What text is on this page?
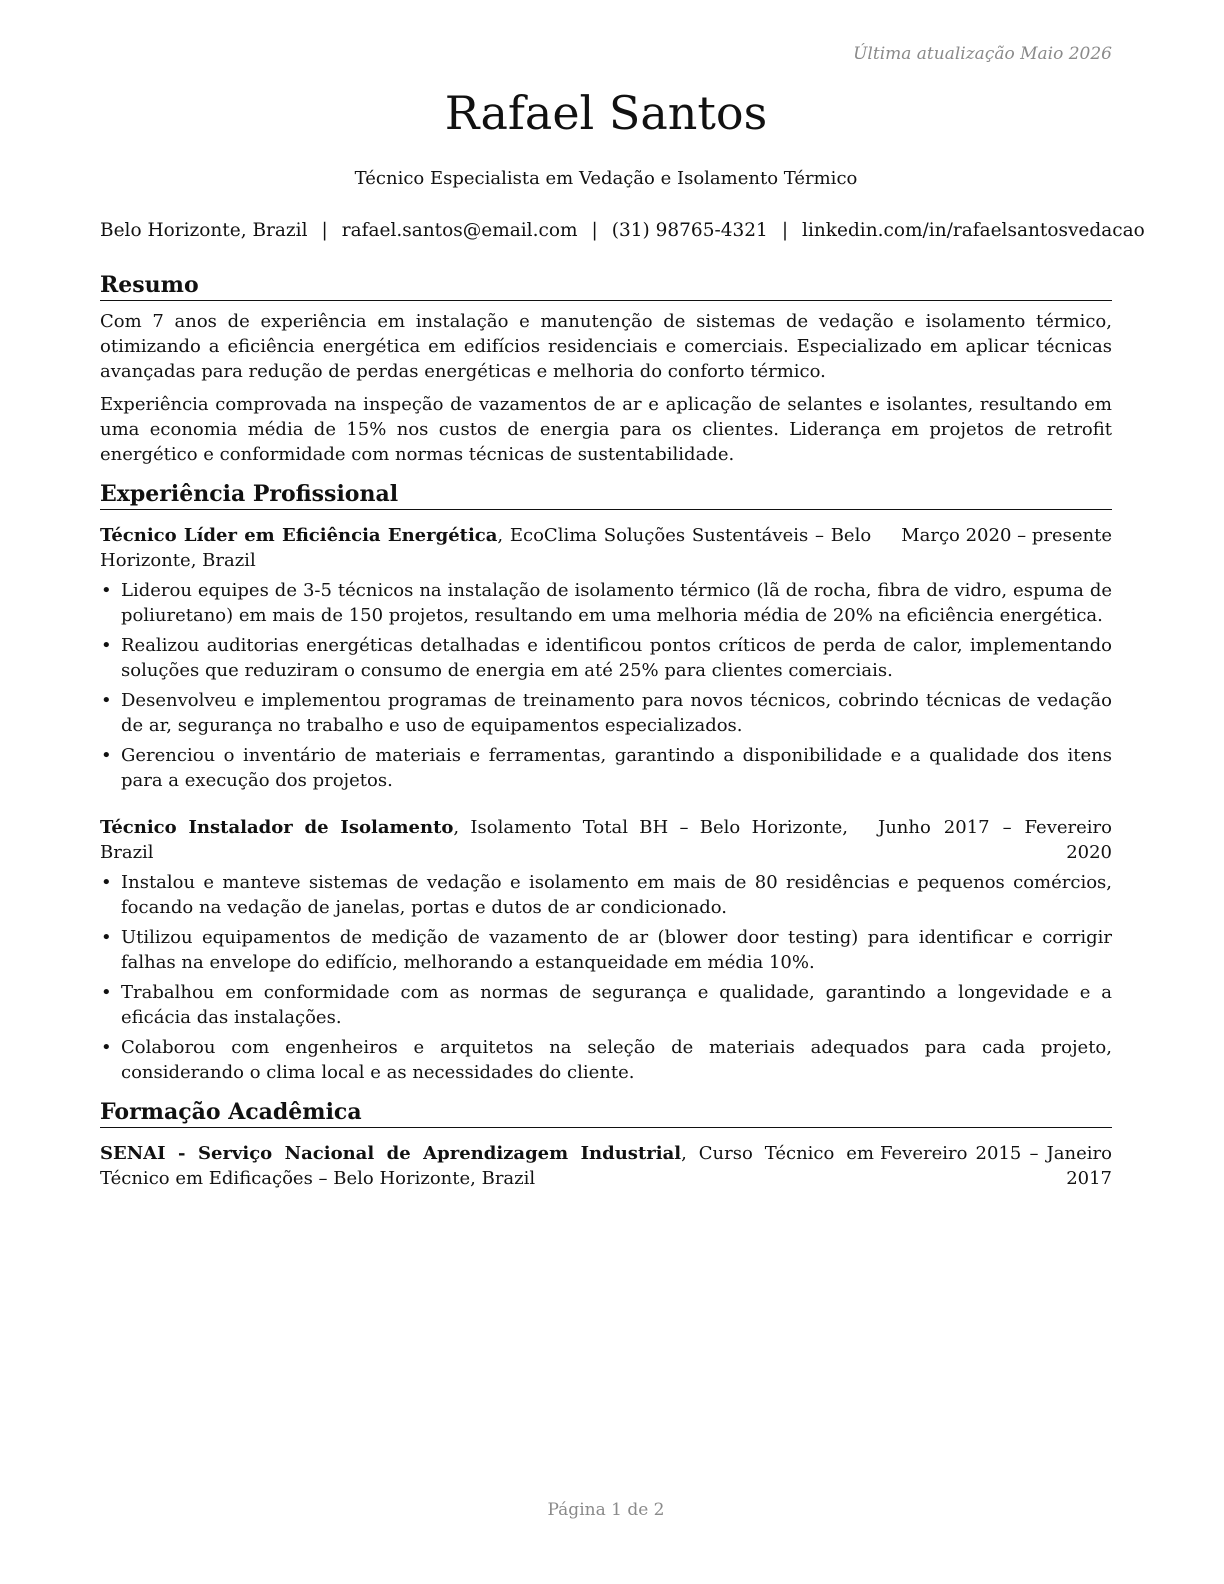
Última atualização Maio 2026
Rafael Santos
Técnico Especialista em Vedação e Isolamento Térmico
Belo Horizonte, Brazil | rafael.santos@email.com | (31) 98765-4321 | linkedin.com/in/rafaelsantosvedacao
Resumo

Com 7 anos de experiência em instalação e manutenção de sistemas de vedação e isolamento térmico, otimizando a eficiência energética em edifícios residenciais e comerciais. Especializado em aplicar técnicas avançadas para redução de perdas energéticas e melhoria do conforto térmico.

Experiência comprovada na inspeção de vazamentos de ar e aplicação de selantes e isolantes, resultando em uma economia média de 15% nos custos de energia para os clientes. Liderança em projetos de retrofit energético e conformidade com normas técnicas de sustentabilidade.

Experiência Profissional
Técnico Líder em Eficiência Energética, EcoClima Soluções Sustentáveis – Belo Horizonte, Brazil
Março 2020 – presente
• Liderou equipes de 3-5 técnicos na instalação de isolamento térmico (lã de rocha, fibra de vidro, espuma de poliuretano) em mais de 150 projetos, resultando em uma melhoria média de 20% na eficiência energética.
• Realizou auditorias energéticas detalhadas e identificou pontos críticos de perda de calor, implementando soluções que reduziram o consumo de energia em até 25% para clientes comerciais.
• Desenvolveu e implementou programas de treinamento para novos técnicos, cobrindo técnicas de vedação de ar, segurança no trabalho e uso de equipamentos especializados.
• Gerenciou o inventário de materiais e ferramentas, garantindo a disponibilidade e a qualidade dos itens para a execução dos projetos.
Técnico Instalador de Isolamento, Isolamento Total BH – Belo Horizonte, Brazil
Junho 2017 – Fevereiro 2020
• Instalou e manteve sistemas de vedação e isolamento em mais de 80 residências e pequenos comércios, focando na vedação de janelas, portas e dutos de ar condicionado.
• Utilizou equipamentos de medição de vazamento de ar (blower door testing) para identificar e corrigir falhas na envelope do edifício, melhorando a estanqueidade em média 10%.
• Trabalhou em conformidade com as normas de segurança e qualidade, garantindo a longevidade e a eficácia das instalações.
• Colaborou com engenheiros e arquitetos na seleção de materiais adequados para cada projeto, considerando o clima local e as necessidades do cliente.
Formação Acadêmica
SENAI - Serviço Nacional de Aprendizagem Industrial, Curso Técnico em Técnico em Edificações – Belo Horizonte, Brazil
Fevereiro 2015 – Janeiro 2017
Página 1 de 2
